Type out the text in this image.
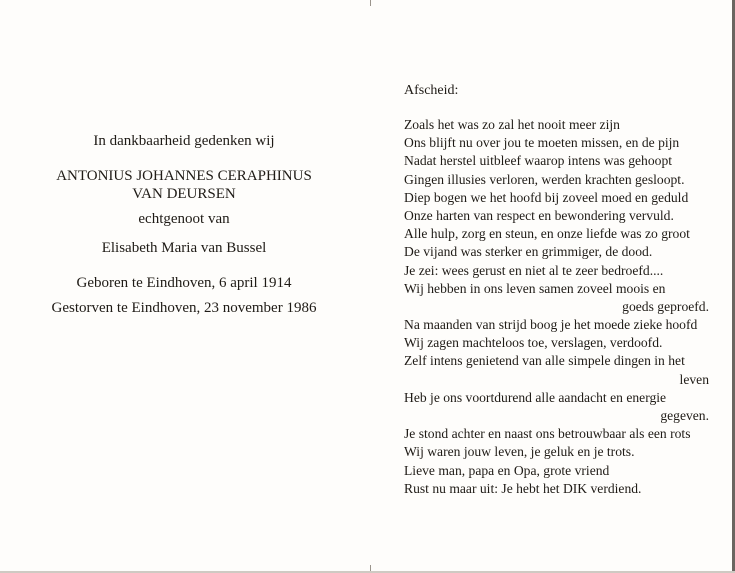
In dankbaarheid gedenken wij
ANTONIUS JOHANNES CERAPHINUS
VAN DEURSEN
echtgenoot van
Elisabeth Maria van Bussel
Geboren te Eindhoven, 6 april 1914
Gestorven te Eindhoven, 23 november 1986
Afscheid:
Zoals het was zo zal het nooit meer zijn
Ons blijft nu over jou te moeten missen, en de pijn
Nadat herstel uitbleef waarop intens was gehoopt
Gingen illusies verloren, werden krachten gesloopt.
Diep bogen we het hoofd bij zoveel moed en geduld
Onze harten van respect en bewondering vervuld.
Alle hulp, zorg en steun, en onze liefde was zo groot
De vijand was sterker en grimmiger, de dood.
Je zei: wees gerust en niet al te zeer bedroefd....
Wij hebben in ons leven samen zoveel moois en
goeds geproefd.
Na maanden van strijd boog je het moede zieke hoofd
Wij zagen machteloos toe, verslagen, verdoofd.
Zelf intens genietend van alle simpele dingen in het
leven
Heb je ons voortdurend alle aandacht en energie
gegeven.
Je stond achter en naast ons betrouwbaar als een rots
Wij waren jouw leven, je geluk en je trots.
Lieve man, papa en Opa, grote vriend
Rust nu maar uit: Je hebt het DIK verdiend.
